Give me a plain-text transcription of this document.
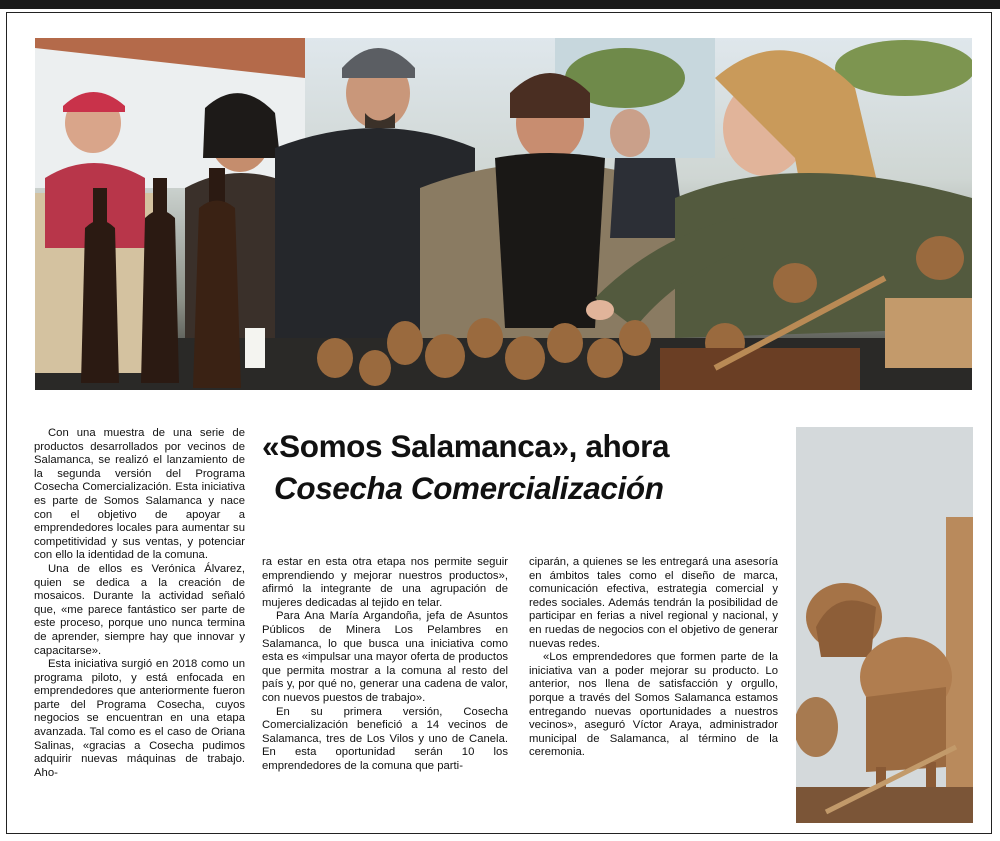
Con una muestra de una serie de productos desarrollados por vecinos de Salamanca, se realizó el lanzamiento de la segunda versión del Programa Cosecha Comercialización. Esta iniciativa es parte de Somos Salamanca y nace con el objetivo de apoyar a emprendedores locales para aumentar su competitividad y sus ventas, y potenciar con ello la identidad de la comuna.

Una de ellos es Verónica Álvarez, quien se dedica a la creación de mosaicos. Durante la actividad señaló que, «me parece fantástico ser parte de este proceso, porque uno nunca termina de aprender, siempre hay que innovar y capacitarse».

Esta iniciativa surgió en 2018 como un programa piloto, y está enfocada en emprendedores que anteriormente fueron parte del Programa Cosecha, cuyos negocios se encuentran en una etapa avanzada. Tal como es el caso de Oriana Salinas, «gracias a Cosecha pudimos adquirir nuevas máquinas de trabajo. Aho-

«Somos Salamanca», ahora
Cosecha Comercialización

ra estar en esta otra etapa nos permite seguir emprendiendo y mejorar nuestros productos», afirmó la integrante de una agrupación de mujeres dedicadas al tejido en telar.

Para Ana María Argandoña, jefa de Asuntos Públicos de Minera Los Pelambres en Salamanca, lo que busca una iniciativa como esta es «impulsar una mayor oferta de productos que permita mostrar a la comuna al resto del país y, por qué no, generar una cadena de valor, con nuevos puestos de trabajo».

En su primera versión, Cosecha Comercialización benefició a 14 vecinos de Salamanca, tres de Los Vilos y uno de Canela. En esta oportunidad serán 10 los emprendedores de la comuna que parti-

ciparán, a quienes se les entregará una asesoría en ámbitos tales como el diseño de marca, comunicación efectiva, estrategia comercial y redes sociales. Además tendrán la posibilidad de participar en ferias a nivel regional y nacional, y en ruedas de negocios con el objetivo de generar nuevas redes.

«Los emprendedores que formen parte de la iniciativa van a poder mejorar su producto. Lo anterior, nos llena de satisfacción y orgullo, porque a través del Somos Salamanca estamos entregando nuevas oportunidades a nuestros vecinos», aseguró Víctor Araya, administrador municipal de Salamanca, al término de la ceremonia.
